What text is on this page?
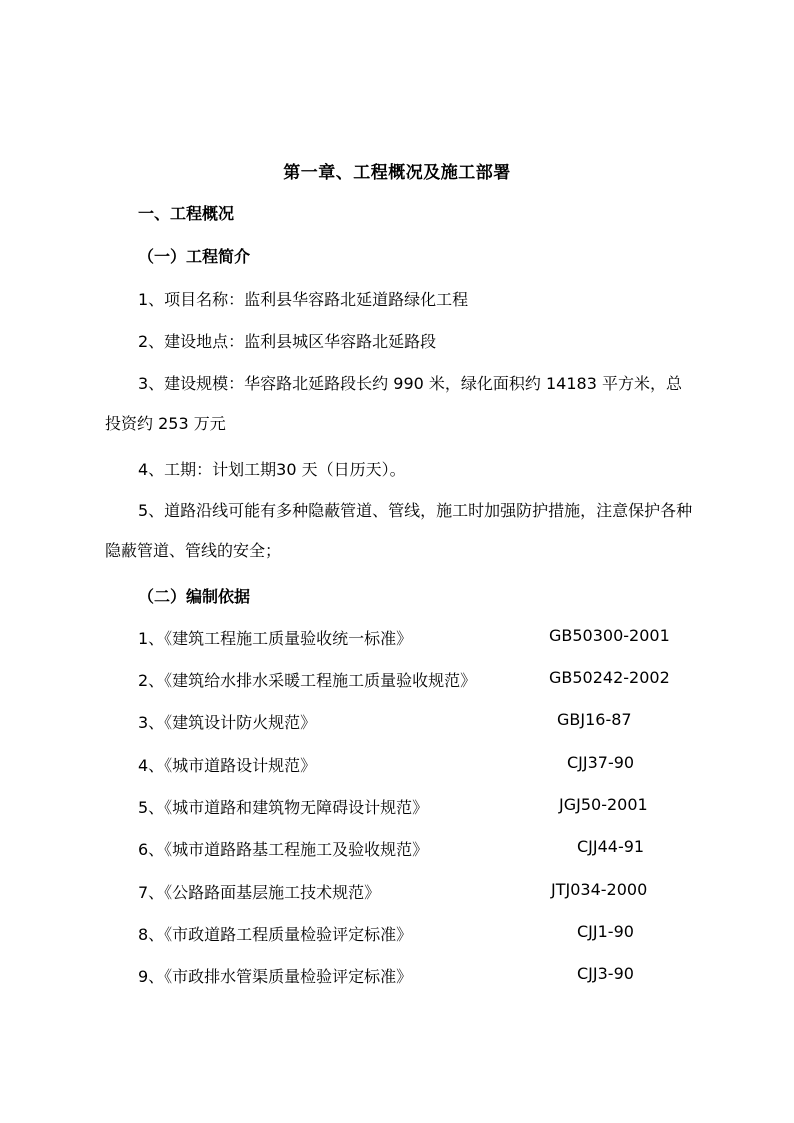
第一章、工程概况及施工部署
一、工程概况
（一）工程简介
1、项目名称：监利县华容路北延道路绿化工程
2、建设地点：监利县城区华容路北延路段
3、建设规模：华容路北延路段长约 990 米，绿化面积约 14183 平方米，总投资约 253 万元
4、工期：计划工期30 天（日历天）。
5、道路沿线可能有多种隐蔽管道、管线，施工时加强防护措施，注意保护各种隐蔽管道、管线的安全；
（二）编制依据
1、《建筑工程施工质量验收统一标准》	GB50300-2001
2、《建筑给水排水采暖工程施工质量验收规范》	GB50242-2002
3、《建筑设计防火规范》	GBJ16-87
4、《城市道路设计规范》	CJJ37-90
5、《城市道路和建筑物无障碍设计规范》	JGJ50-2001
6、《城市道路路基工程施工及验收规范》	CJJ44-91
7、《公路路面基层施工技术规范》	JTJ034-2000
8、《市政道路工程质量检验评定标准》	CJJ1-90
9、《市政排水管渠质量检验评定标准》	CJJ3-90
